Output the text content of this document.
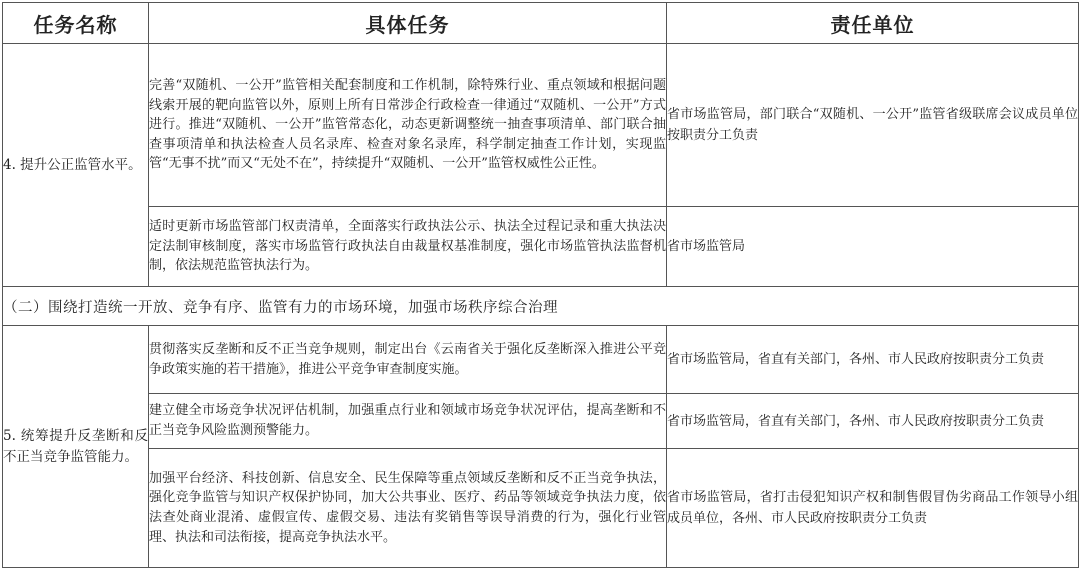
任务名称	具体任务	责任单位
4. 提升公正监管水平。	完善“双随机、一公开”监管相关配套制度和工作机制，除特殊行业、重点领域和根据问题线索开展的靶向监管以外，原则上所有日常涉企行政检查一律通过“双随机、一公开”方式进行。推进“双随机、一公开”监管常态化，动态更新调整统一抽查事项清单、部门联合抽查事项清单和执法检查人员名录库、检查对象名录库，科学制定抽查工作计划，实现监管“无事不扰”而又“无处不在”，持续提升“双随机、一公开”监管权威性公正性。	省市场监管局，部门联合“双随机、一公开”监管省级联席会议成员单位按职责分工负责
	适时更新市场监管部门权责清单，全面落实行政执法公示、执法全过程记录和重大执法决定法制审核制度，落实市场监管行政执法自由裁量权基准制度，强化市场监管执法监督机制，依法规范监管执法行为。	省市场监管局
（二）围绕打造统一开放、竞争有序、监管有力的市场环境，加强市场秩序综合治理		
5. 统筹提升反垄断和反不正当竞争监管能力。	贯彻落实反垄断和反不正当竞争规则，制定出台《云南省关于强化反垄断深入推进公平竞争政策实施的若干措施》，推进公平竞争审查制度实施。	省市场监管局，省直有关部门，各州、市人民政府按职责分工负责
	建立健全市场竞争状况评估机制，加强重点行业和领域市场竞争状况评估，提高垄断和不正当竞争风险监测预警能力。	省市场监管局，省直有关部门，各州、市人民政府按职责分工负责
	加强平台经济、科技创新、信息安全、民生保障等重点领域反垄断和反不正当竞争执法，强化竞争监管与知识产权保护协同，加大公共事业、医疗、药品等领域竞争执法力度，依法查处商业混淆、虚假宣传、虚假交易、违法有奖销售等误导消费的行为，强化行业管理、执法和司法衔接，提高竞争执法水平。	省市场监管局，省打击侵犯知识产权和制售假冒伪劣商品工作领导小组成员单位，各州、市人民政府按职责分工负责
